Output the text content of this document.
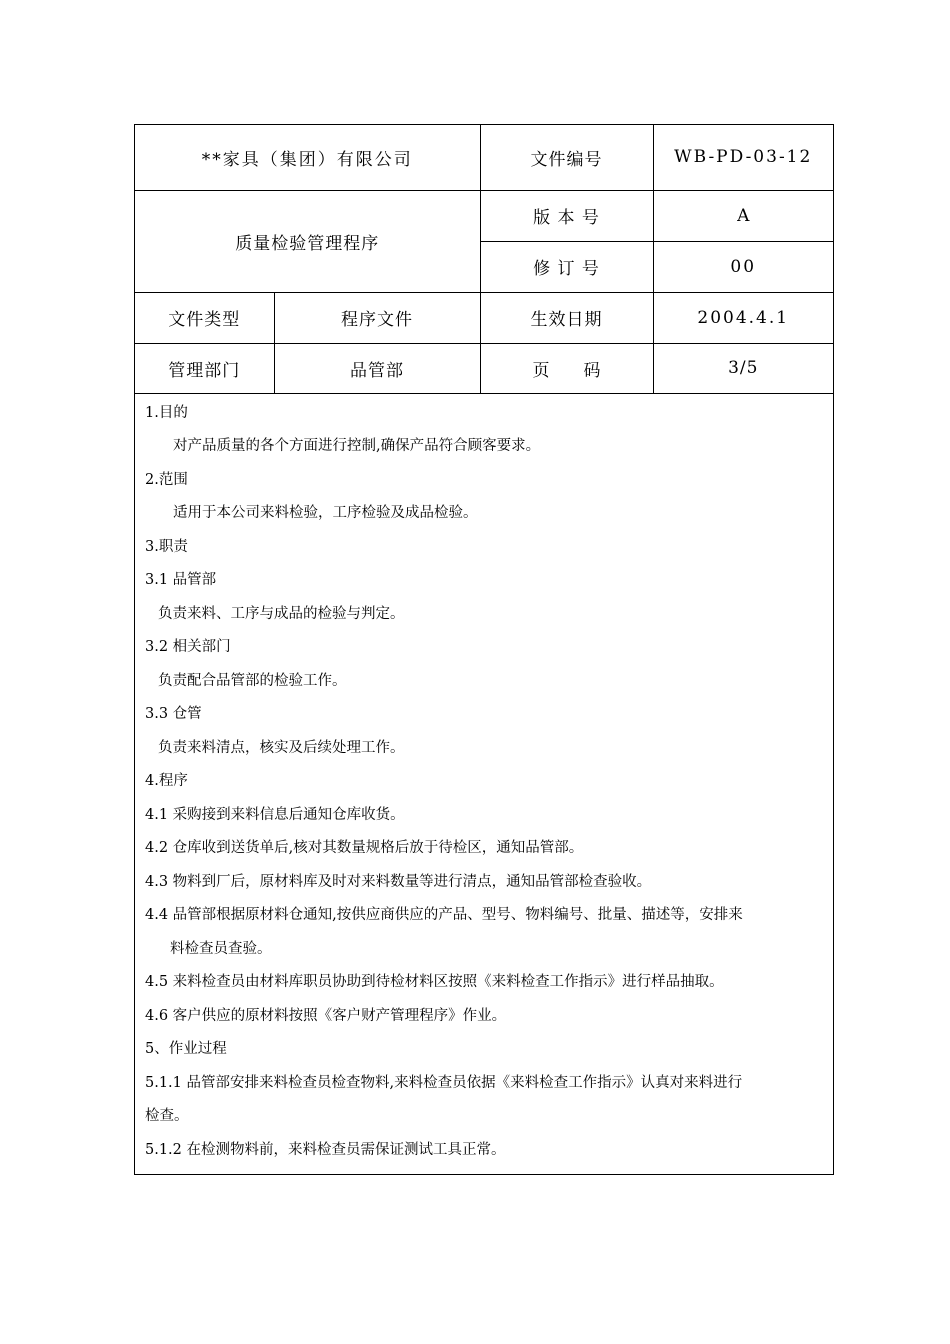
**家具（集团）有限公司		文件编号	WB-PD-03-12
质量检验管理程序		版 本 号	A
		修 订 号	00
文件类型	程序文件	生效日期	2004.4.1
管理部门	品管部	页　　码	3/5
1.目的
对产品质量的各个方面进行控制,确保产品符合顾客要求。
2.范围
适用于本公司来料检验，工序检验及成品检验。
3.职责
3.1 品管部
负责来料、工序与成品的检验与判定。
3.2 相关部门
负责配合品管部的检验工作。
3.3 仓管
负责来料清点，核实及后续处理工作。
4.程序
4.1 采购接到来料信息后通知仓库收货。
4.2 仓库收到送货单后,核对其数量规格后放于待检区，通知品管部。
4.3 物料到厂后，原材料库及时对来料数量等进行清点，通知品管部检查验收。
4.4 品管部根据原材料仓通知,按供应商供应的产品、型号、物料编号、批量、描述等，安排来
料检查员查验。
4.5 来料检查员由材料库职员协助到待检材料区按照《来料检查工作指示》进行样品抽取。
4.6 客户供应的原材料按照《客户财产管理程序》作业。
5、作业过程
5.1.1 品管部安排来料检查员检查物料,来料检查员依据《来料检查工作指示》认真对来料进行
检查。
5.1.2 在检测物料前，来料检查员需保证测试工具正常。
